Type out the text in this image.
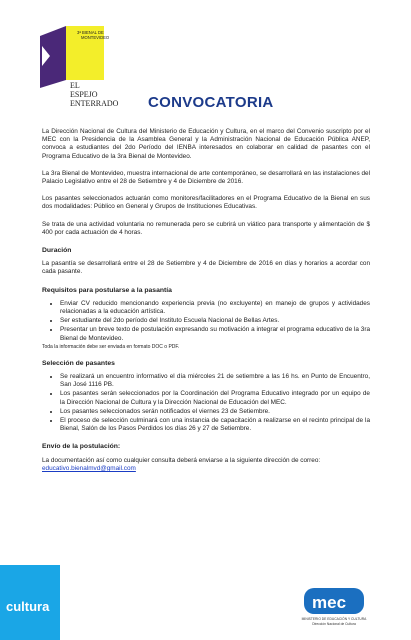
3ª BIENAL DE
MONTEVIDEO
EL
ESPEJO
ENTERRADO CONVOCATORIA

La Dirección Nacional de Cultura del Ministerio de Educación y Cultura, en el marco del Convenio suscripto por el MEC con la Presidencia de la Asamblea General y la Administración Nacional de Educación Pública ANEP, convoca a estudiantes del 2do Período del IENBA interesados en colaborar en calidad de pasantes con el Programa Educativo de la 3ra Bienal de Montevideo.

La 3ra Bienal de Montevideo, muestra internacional de arte contemporáneo, se desarrollará en las instalaciones del Palacio Legislativo entre el 28 de Setiembre y 4 de Diciembre de 2016.

Los pasantes seleccionados actuarán como monitores/facilitadores en el Programa Educativo de la Bienal en sus dos modalidades: Público en General y Grupos de Instituciones Educativas.

Se trata de una actividad voluntaria no remunerada pero se cubrirá un viático para transporte y alimentación de $ 400 por cada actuación de 4 horas.

Duración

La pasantía se desarrollará entre el 28 de Setiembre y 4 de Diciembre de 2016 en días y horarios a acordar con cada pasante.

Requisitos para postularse a la pasantía
• Enviar CV reducido mencionando experiencia previa (no excluyente) en manejo de grupos y actividades relacionadas a la educación artística.
• Ser estudiante del 2do período del Instituto Escuela Nacional de Bellas Artes.
• Presentar un breve texto de postulación expresando su motivación a integrar el programa educativo de la 3ra Bienal de Montevideo.

Toda la información debe ser enviada en formato DOC o PDF.

Selección de pasantes
• Se realizará un encuentro informativo el día miércoles 21 de setiembre a las 16 hs. en Punto de Encuentro, San José 1116 PB.
• Los pasantes serán seleccionados por la Coordinación del Programa Educativo integrado por un equipo de la Dirección Nacional de Cultura y la Dirección Nacional de Educación del MEC.
• Los pasantes seleccionados serán notificados el viernes 23 de Setiembre.
• El proceso de selección culminará con una instancia de capacitación a realizarse en el recinto principal de la Bienal, Salón de los Pasos Perdidos los días 26 y 27 de Setiembre.
Envío de la postulación:

La documentación así como cualquier consulta deberá enviarse a la siguiente dirección de correo:

educativo.bienalmvd@gmail.com
cultura	mec
MINISTERIO DE EDUCACIÓN Y CULTURA
Dirección Nacional de Cultura
